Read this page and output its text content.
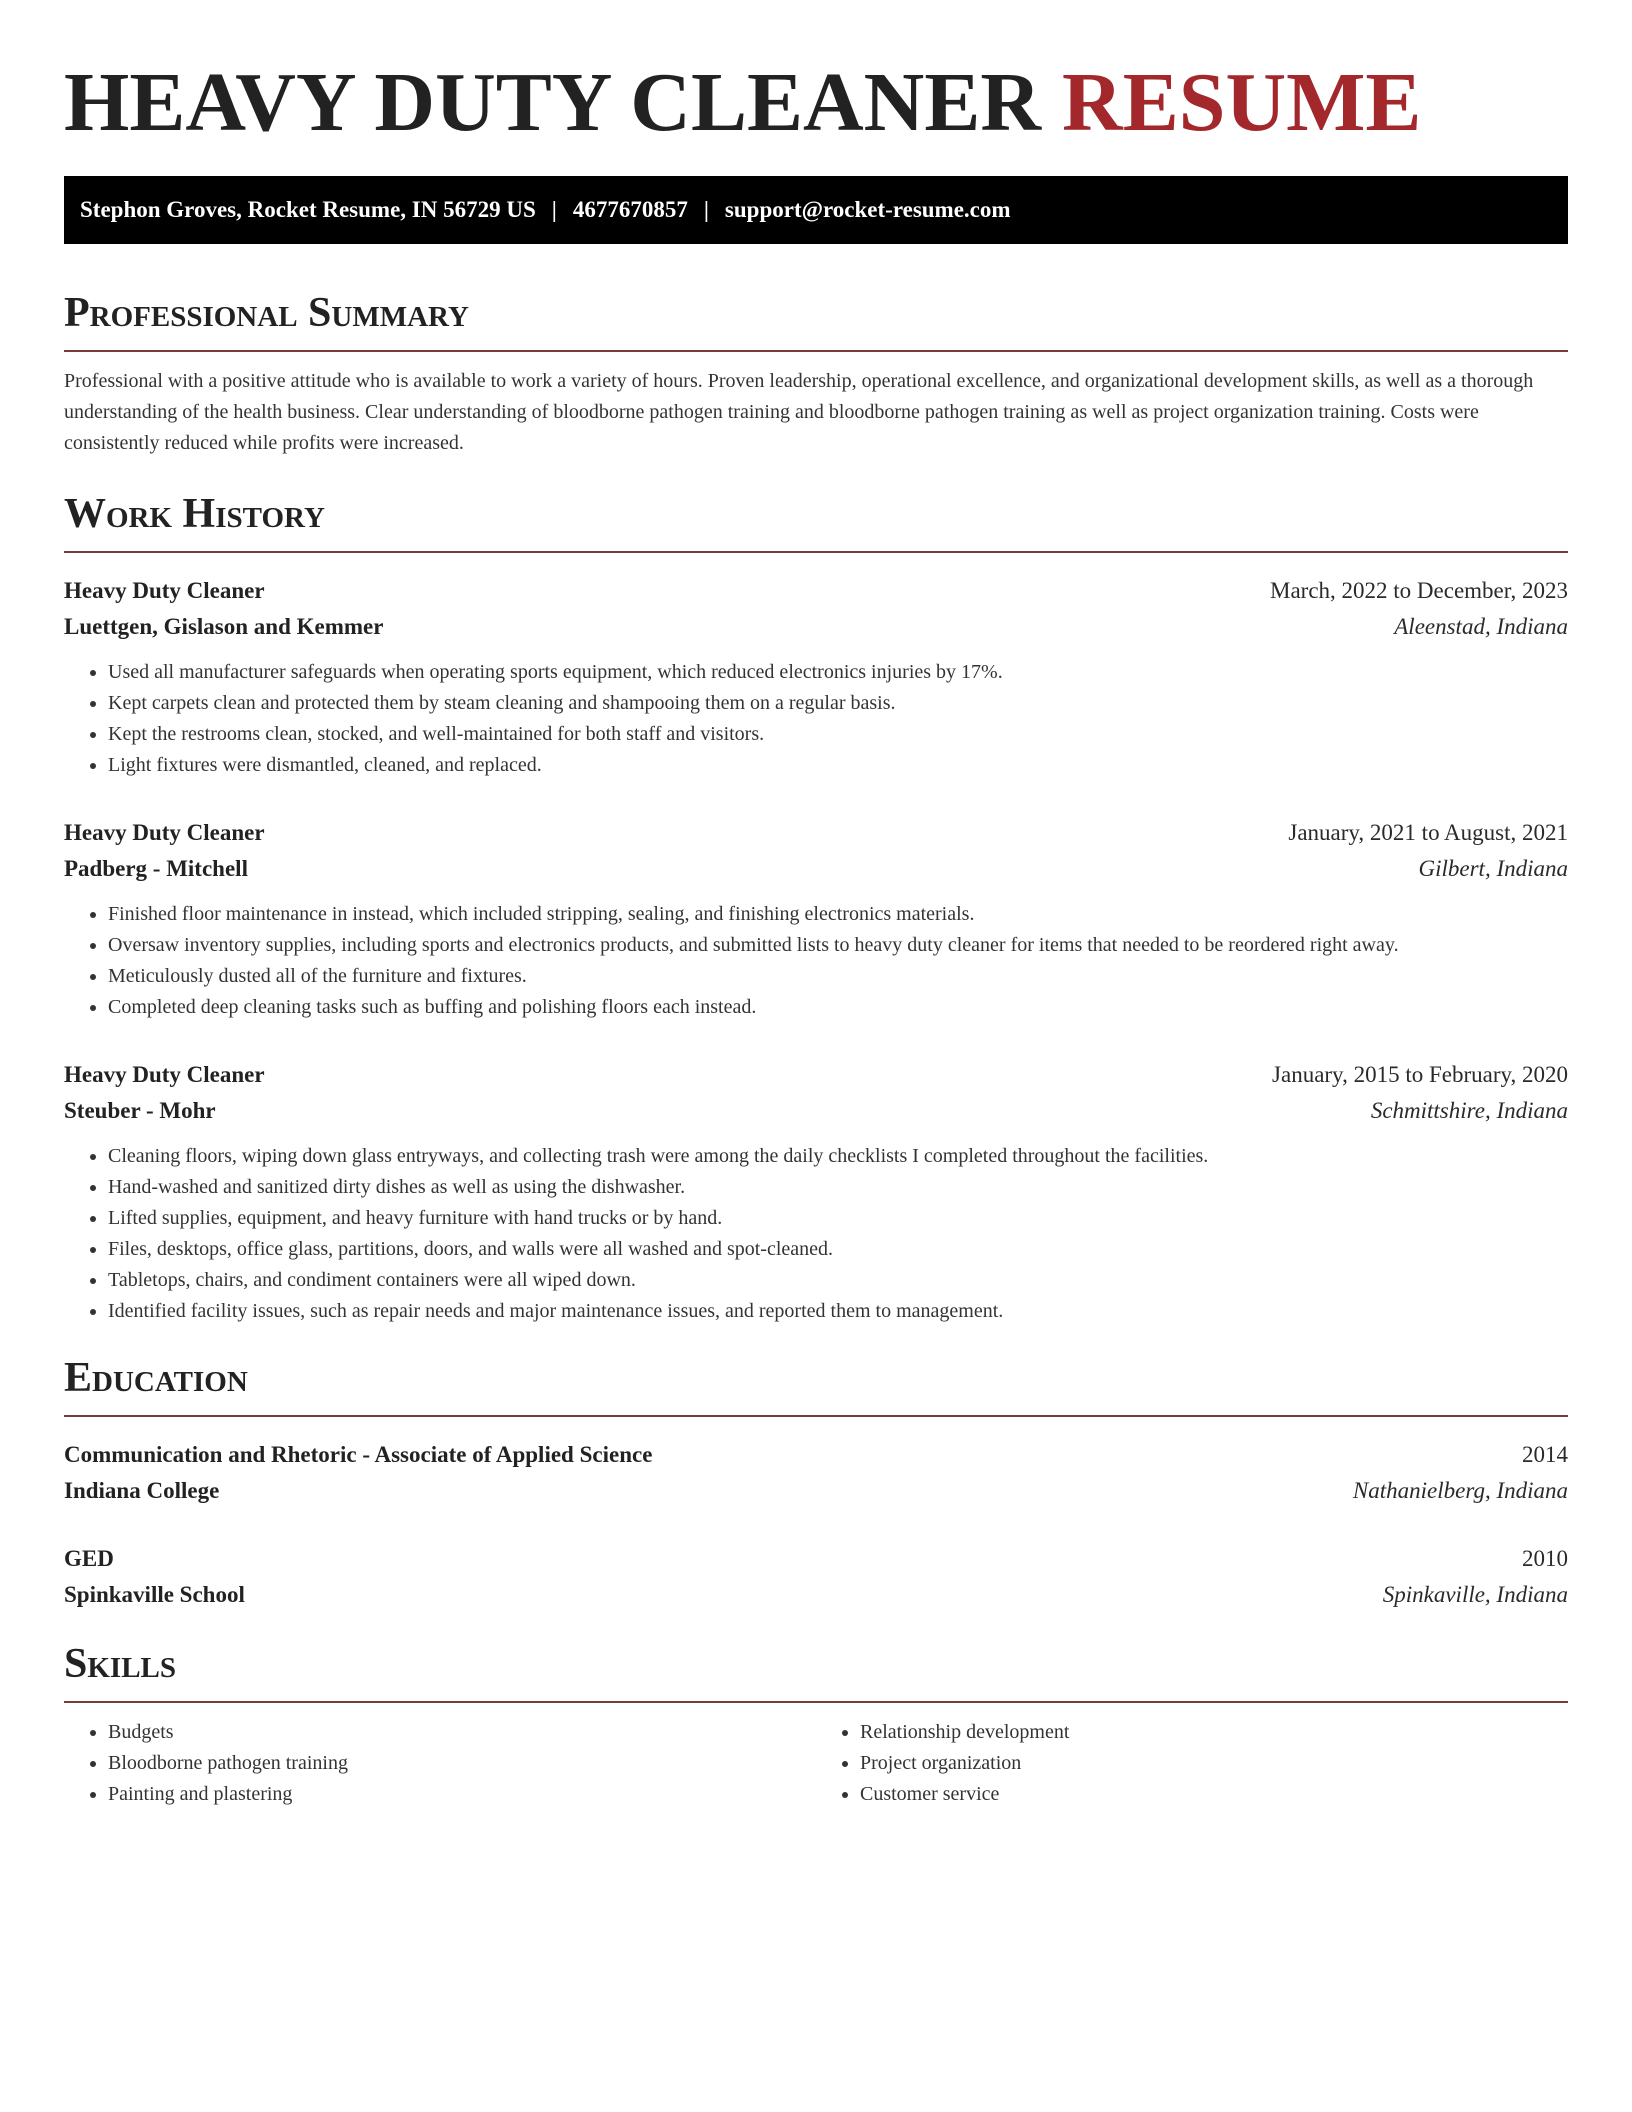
HEAVY DUTY CLEANER RESUME
Stephon Groves, Rocket Resume, IN 56729 US | 4677670857 | support@rocket-resume.com
Professional Summary

Professional with a positive attitude who is available to work a variety of hours. Proven leadership, operational excellence, and organizational development skills, as well as a thorough understanding of the health business. Clear understanding of bloodborne pathogen training and bloodborne pathogen training as well as project organization training. Costs were consistently reduced while profits were increased.

Work History
Heavy Duty Cleaner	March, 2022 to December, 2023
Luettgen, Gislason and Kemmer	Aleenstad, Indiana
• Used all manufacturer safeguards when operating sports equipment, which reduced electronics injuries by 17%.
• Kept carpets clean and protected them by steam cleaning and shampooing them on a regular basis.
• Kept the restrooms clean, stocked, and well-maintained for both staff and visitors.
• Light fixtures were dismantled, cleaned, and replaced.
Heavy Duty Cleaner	January, 2021 to August, 2021
Padberg - Mitchell	Gilbert, Indiana
• Finished floor maintenance in instead, which included stripping, sealing, and finishing electronics materials.
• Oversaw inventory supplies, including sports and electronics products, and submitted lists to heavy duty cleaner for items that needed to be reordered right away.
• Meticulously dusted all of the furniture and fixtures.
• Completed deep cleaning tasks such as buffing and polishing floors each instead.
Heavy Duty Cleaner	January, 2015 to February, 2020
Steuber - Mohr	Schmittshire, Indiana
• Cleaning floors, wiping down glass entryways, and collecting trash were among the daily checklists I completed throughout the facilities.
• Hand-washed and sanitized dirty dishes as well as using the dishwasher.
• Lifted supplies, equipment, and heavy furniture with hand trucks or by hand.
• Files, desktops, office glass, partitions, doors, and walls were all washed and spot-cleaned.
• Tabletops, chairs, and condiment containers were all wiped down.
• Identified facility issues, such as repair needs and major maintenance issues, and reported them to management.
Education
Communication and Rhetoric - Associate of Applied Science	2014
Indiana College	Nathanielberg, Indiana
GED	2010
Spinkaville School	Spinkaville, Indiana
Skills
• Budgets
• Bloodborne pathogen training
• Painting and plastering
• Relationship development
• Project organization
• Customer service
